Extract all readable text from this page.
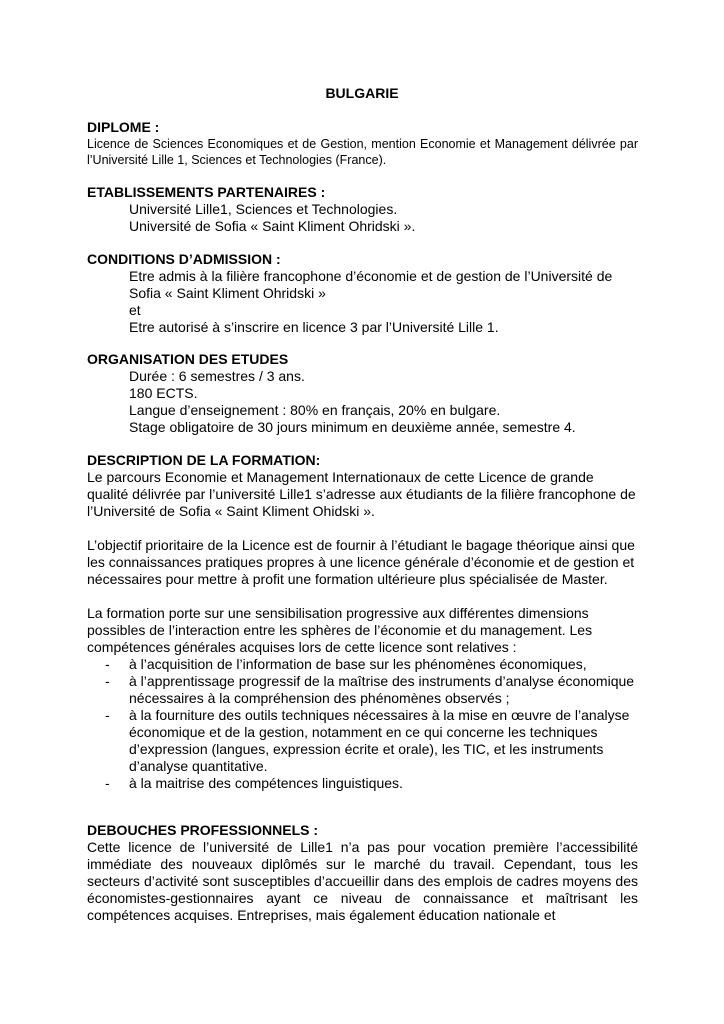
BULGARIE
DIPLOME :

Licence de Sciences Economiques et de Gestion, mention Economie et Management délivrée par l’Université Lille 1, Sciences et Technologies (France).

ETABLISSEMENTS PARTENAIRES :

Université Lille1, Sciences et Technologies.

Université de Sofia « Saint Kliment Ohridski ».

CONDITIONS D’ADMISSION :

Etre admis à la filière francophone d’économie et de gestion de l’Université de Sofia « Saint Kliment Ohridski »

et

Etre autorisé à s’inscrire en licence 3 par l’Université Lille 1.

ORGANISATION DES ETUDES

Durée : 6 semestres / 3 ans.

180 ECTS.

Langue d’enseignement : 80% en français, 20% en bulgare.

Stage obligatoire de 30 jours minimum en deuxième année, semestre 4.

DESCRIPTION DE LA FORMATION:

Le parcours Economie et Management Internationaux de cette Licence de grande qualité délivrée par l’université Lille1 s’adresse aux étudiants de la filière francophone de l’Université de Sofia « Saint Kliment Ohidski ».

L’objectif prioritaire de la Licence est de fournir à l’étudiant le bagage théorique ainsi que les connaissances pratiques propres à une licence générale d’économie et de gestion et nécessaires pour mettre à profit une formation ultérieure plus spécialisée de Master.

La formation porte sur une sensibilisation progressive aux différentes dimensions possibles de l’interaction entre les sphères de l’économie et du management. Les compétences générales acquises lors de cette licence sont relatives :

- à l’acquisition de l’information de base sur les phénomènes économiques,
- à l’apprentissage progressif de la maîtrise des instruments d’analyse économique nécessaires à la compréhension des phénomènes observés ;
- à la fourniture des outils techniques nécessaires à la mise en œuvre de l’analyse économique et de la gestion, notamment en ce qui concerne les techniques d’expression (langues, expression écrite et orale), les TIC, et les instruments d’analyse quantitative.
- à la maitrise des compétences linguistiques.
DEBOUCHES PROFESSIONNELS :

Cette licence de l’université de Lille1 n’a pas pour vocation première l’accessibilité immédiate des nouveaux diplômés sur le marché du travail. Cependant, tous les secteurs d’activité sont susceptibles d’accueillir dans des emplois de cadres moyens des économistes-gestionnaires ayant ce niveau de connaissance et maîtrisant les compétences acquises. Entreprises, mais également éducation nationale et
